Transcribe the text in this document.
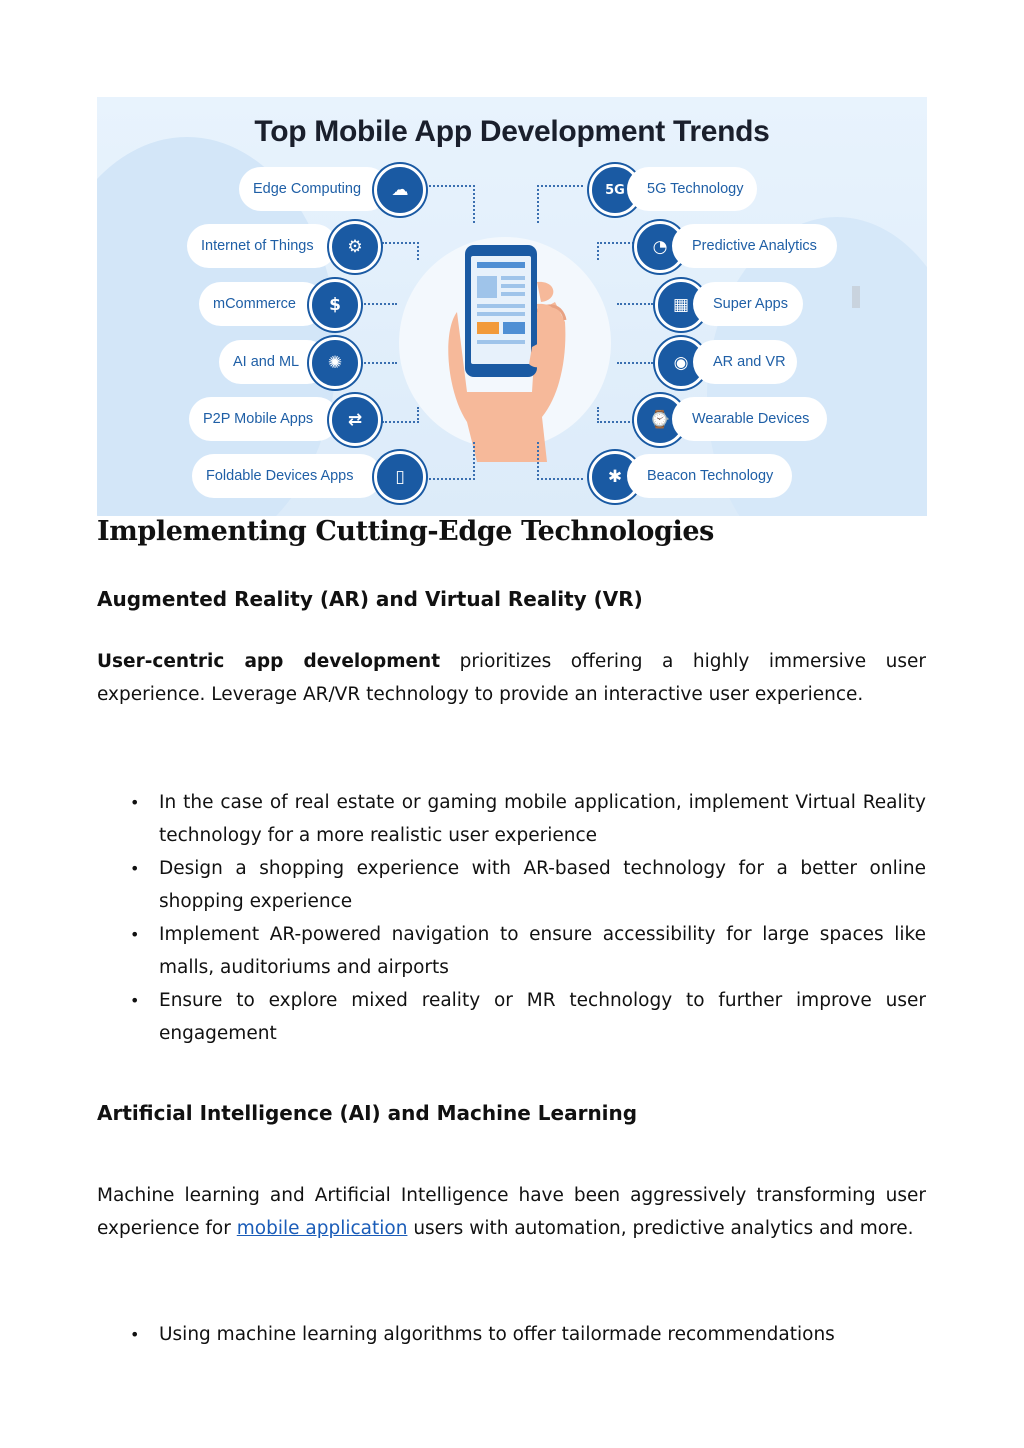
Top Mobile App Development Trends
Edge Computing	☁
Internet of Things	⚙
mCommerce	$
AI and ML	✺
P2P Mobile Apps	⇄
Foldable Devices Apps	▯
5G	5G Technology
◔	Predictive Analytics
▦	Super Apps
◉	AR and VR
⌚	Wearable Devices
✱	Beacon Technology
Implementing Cutting-Edge Technologies
Augmented Reality (AR) and Virtual Reality (VR)

User-centric app development prioritizes offering a highly immersive user experience. Leverage AR/VR technology to provide an interactive user experience.

• In the case of real estate or gaming mobile application, implement Virtual Reality technology for a more realistic user experience
• Design a shopping experience with AR-based technology for a better online shopping experience
• Implement AR-powered navigation to ensure accessibility for large spaces like malls, auditoriums and airports
• Ensure to explore mixed reality or MR technology to further improve user engagement
Artificial Intelligence (AI) and Machine Learning

Machine learning and Artificial Intelligence have been aggressively transforming user experience for mobile application users with automation, predictive analytics and more.

• Using machine learning algorithms to offer tailormade recommendations
